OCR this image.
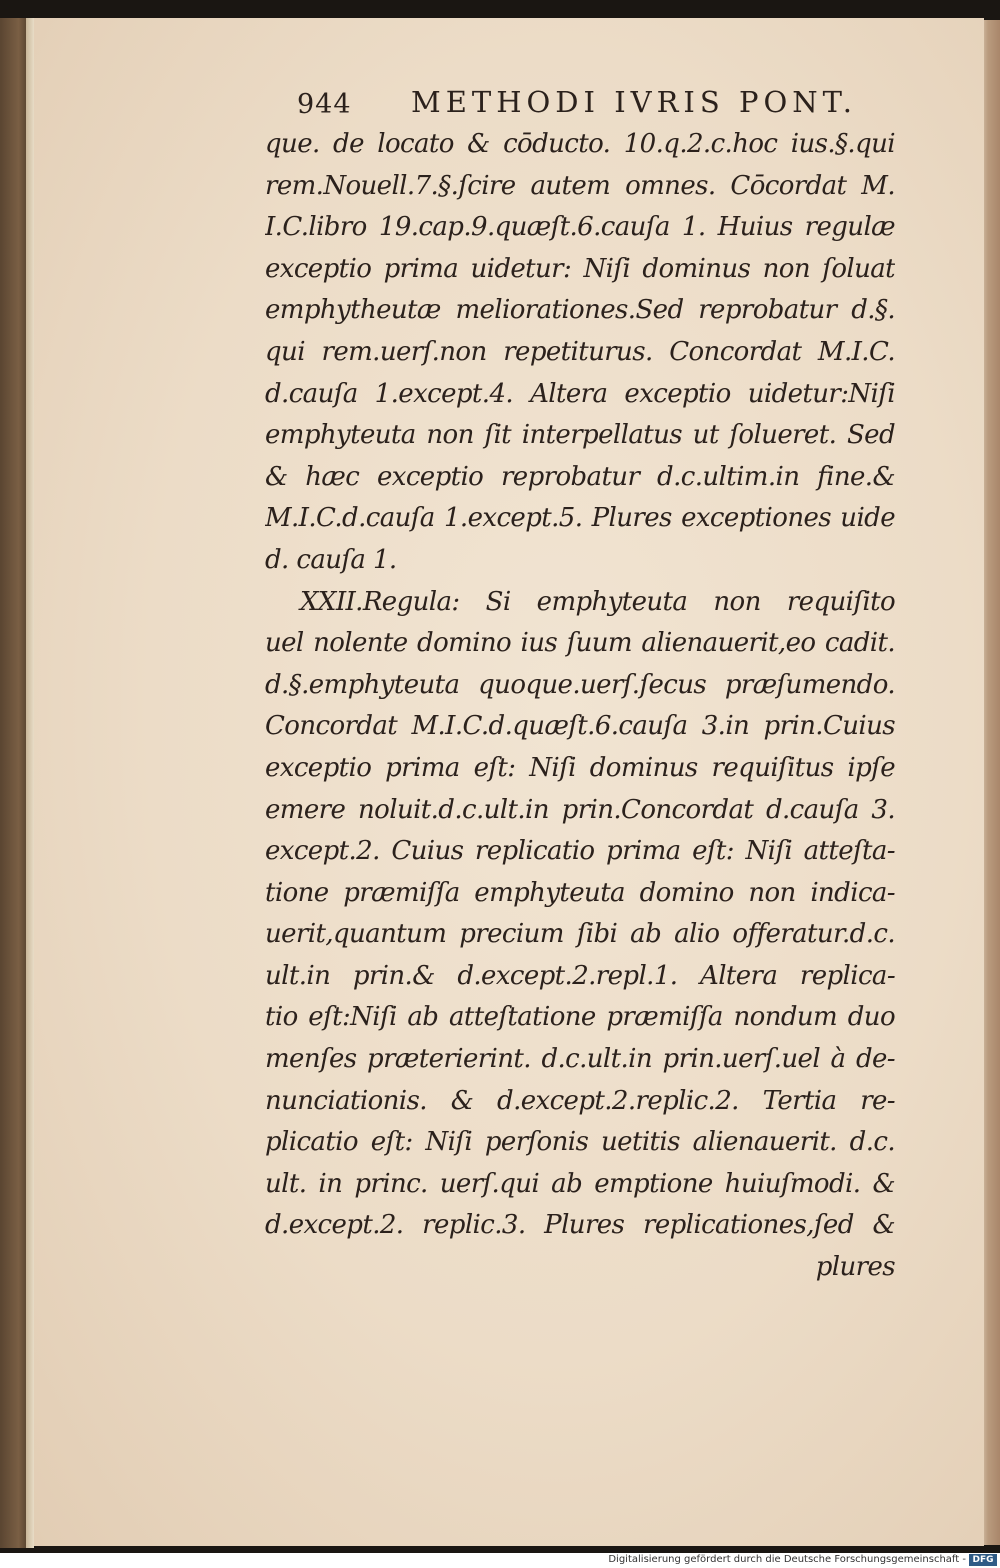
944 METHODI IVRIS PONT.
que. de locato & cōducto. 10.q.2.c.hoc ius.§.qui
rem.Nouell.7.§.ſcire autem omnes. Cōcordat M.
I.C.libro 19.cap.9.quæſt.6.cauſa 1. Huius regulæ
exceptio prima uidetur: Niſi dominus non ſoluat
emphytheutæ meliorationes.Sed reprobatur d.§.
qui rem.uerſ.non repetiturus. Concordat M.I.C.
d.cauſa 1.except.4. Altera exceptio uidetur:Niſi
emphyteuta non ſit interpellatus ut ſolueret. Sed
& hæc exceptio reprobatur d.c.ultim.in fine.&
M.I.C.d.cauſa 1.except.5. Plures exceptiones uide
d. cauſa 1.
XXII.Regula: Si emphyteuta non requiſito
uel nolente domino ius ſuum alienauerit,eo cadit.
d.§.emphyteuta quoque.uerſ.ſecus præſumendo.
Concordat M.I.C.d.quæſt.6.cauſa 3.in prin.Cuius
exceptio prima eſt: Niſi dominus requiſitus ipſe
emere noluit.d.c.ult.in prin.Concordat d.cauſa 3.
except.2. Cuius replicatio prima eſt: Niſi atteſta-
tione præmiſſa emphyteuta domino non indica-
uerit,quantum precium ſibi ab alio offeratur.d.c.
ult.in prin.& d.except.2.repl.1. Altera replica-
tio eſt:Niſi ab atteſtatione præmiſſa nondum duo
menſes præterierint. d.c.ult.in prin.uerſ.uel à de-
nunciationis. & d.except.2.replic.2. Tertia re-
plicatio eſt: Niſi perſonis uetitis alienauerit. d.c.
ult. in princ. uerſ.qui ab emptione huiuſmodi. &
d.except.2. replic.3. Plures replicationes,ſed &
plures
Digitalisierung gefördert durch die Deutsche Forschungsgemeinschaft - DFG
